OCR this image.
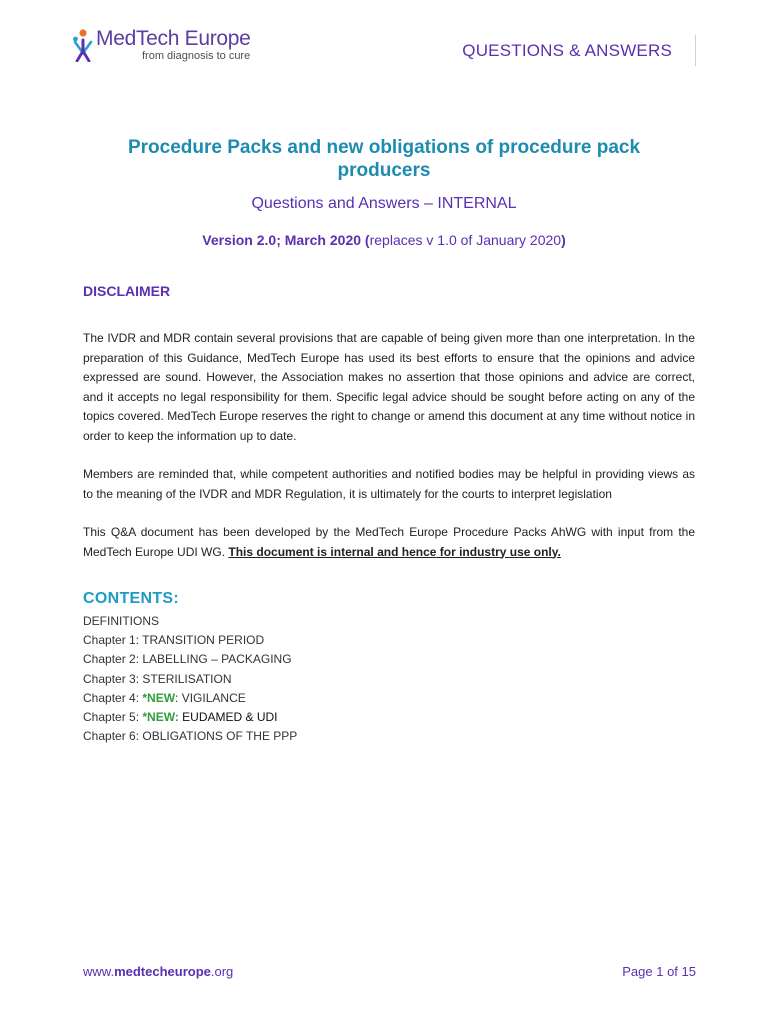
MedTech Europe
from diagnosis to cure	QUESTIONS & ANSWERS
Procedure Packs and new obligations of procedure pack producers
Questions and Answers – INTERNAL
Version 2.0; March 2020 (replaces v 1.0 of January 2020)
DISCLAIMER
The IVDR and MDR contain several provisions that are capable of being given more than one interpretation. In the preparation of this Guidance, MedTech Europe has used its best efforts to ensure that the opinions and advice expressed are sound. However, the Association makes no assertion that those opinions and advice are correct, and it accepts no legal responsibility for them. Specific legal advice should be sought before acting on any of the topics covered. MedTech Europe reserves the right to change or amend this document at any time without notice in order to keep the information up to date.
Members are reminded that, while competent authorities and notified bodies may be helpful in providing views as to the meaning of the IVDR and MDR Regulation, it is ultimately for the courts to interpret legislation
This Q&A document has been developed by the MedTech Europe Procedure Packs AhWG with input from the MedTech Europe UDI WG. This document is internal and hence for industry use only.
CONTENTS:
DEFINITIONS
Chapter 1: TRANSITION PERIOD
Chapter 2: LABELLING – PACKAGING
Chapter 3: STERILISATION
Chapter 4: *NEW: VIGILANCE
Chapter 5: *NEW: EUDAMED & UDI
Chapter 6: OBLIGATIONS OF THE PPP
www.medtecheurope.org	Page 1 of 15
